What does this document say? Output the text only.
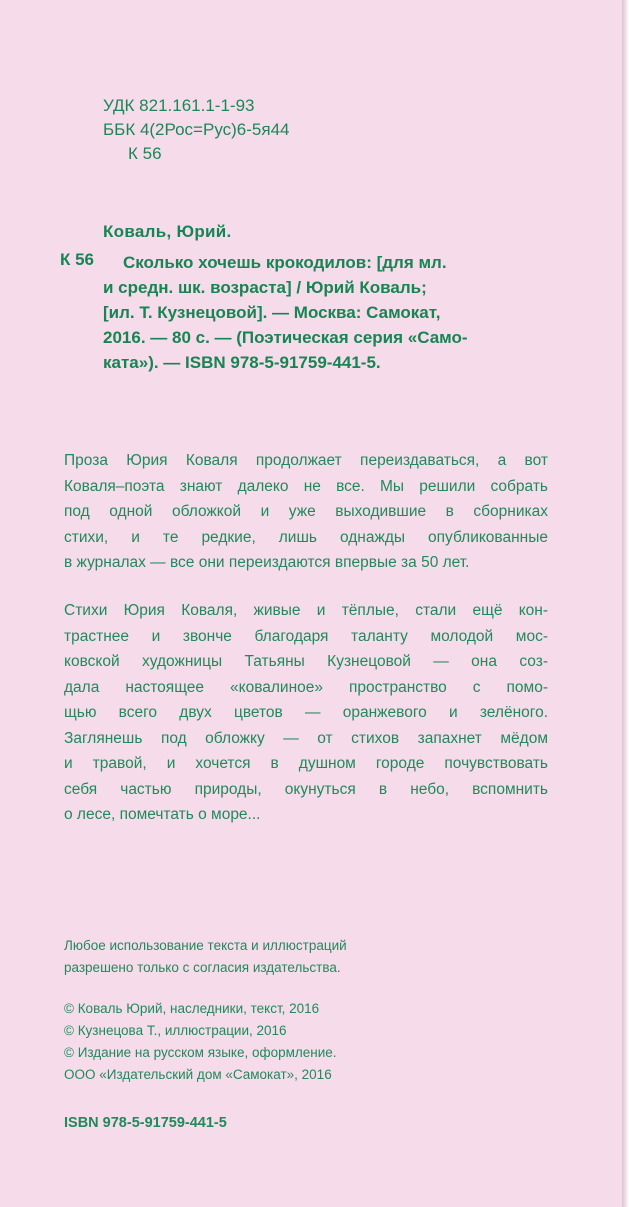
УДК 821.161.1-1-93
ББК 4(2Рос=Рус)6-5я44
К 56
Коваль, Юрий.
К 56	Сколько хочешь крокодилов: [для мл.
и средн. шк. возраста] / Юрий Коваль;
[ил. Т. Кузнецовой]. — Москва: Самокат,
2016. — 80 с. — (Поэтическая серия «Само-
ката»). — ISBN 978-5-91759-441-5.
Проза Юрия Коваля продолжает переиздаваться, а вот
Коваля–поэта знают далеко не все. Мы решили собрать
под одной обложкой и уже выходившие в сборниках
стихи, и те редкие, лишь однажды опубликованные
в журналах — все они переиздаются впервые за 50 лет.
Стихи Юрия Коваля, живые и тёплые, стали ещё кон-
трастнее и звонче благодаря таланту молодой мос-
ковской художницы Татьяны Кузнецовой — она соз-
дала настоящее «ковалиное» пространство с помо-
щью всего двух цветов — оранжевого и зелёного.
Заглянешь под обложку — от стихов запахнет мёдом
и травой, и хочется в душном городе почувствовать
себя частью природы, окунуться в небо, вспомнить
о лесе, помечтать о море...
Любое использование текста и иллюстраций
разрешено только с согласия издательства.
© Коваль Юрий, наследники, текст, 2016
© Кузнецова Т., иллюстрации, 2016
© Издание на русском языке, оформление.
ООО «Издательский дом «Самокат», 2016
ISBN 978-5-91759-441-5
